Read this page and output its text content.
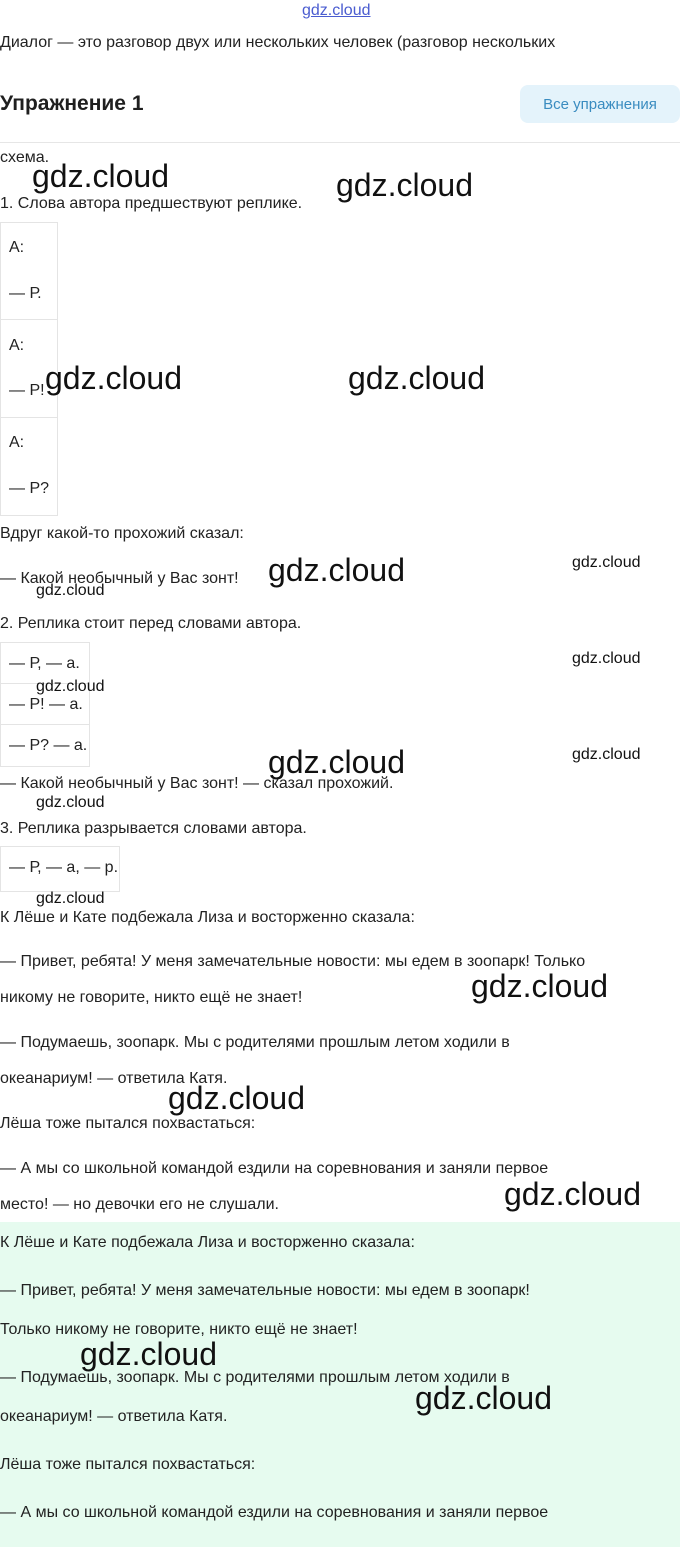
gdz.cloud
Диалог — это разговор двух или нескольких человек (разговор нескольких
Упражнение 1	Все упражнения
схема.
1. Слова автора предшествуют реплике.
А:
— Р.
А:
— Р!
А:
— Р?
Вдруг какой-то прохожий сказал:
— Какой необычный у Вас зонт!
2. Реплика стоит перед словами автора.
— Р, — а.
— Р! — а.
— Р? — а.
— Какой необычный у Вас зонт! — сказал прохожий.
3. Реплика разрывается словами автора.
— Р, — а, — р.
К Лёше и Кате подбежала Лиза и восторженно сказала:
— Привет, ребята! У меня замечательные новости: мы едем в зоопарк! Только
никому не говорите, никто ещё не знает!
— Подумаешь, зоопарк. Мы с родителями прошлым летом ходили в
океанариум! — ответила Катя.
Лёша тоже пытался похвастаться:
— А мы со школьной командой ездили на соревнования и заняли первое
место! — но девочки его не слушали.
К Лёше и Кате подбежала Лиза и восторженно сказала:
— Привет, ребята! У меня замечательные новости: мы едем в зоопарк!
Только никому не говорите, никто ещё не знает!
— Подумаешь, зоопарк. Мы с родителями прошлым летом ходили в
океанариум! — ответила Катя.
Лёша тоже пытался похвастаться:
— А мы со школьной командой ездили на соревнования и заняли первое
gdz.cloud	gdz.cloud
gdz.cloud	gdz.cloud
gdz.cloud
gdz.cloud
gdz.cloud
gdz.cloud
gdz.cloud
gdz.cloud
gdz.cloud
gdz.cloud
gdz.cloud
gdz.cloud
gdz.cloud
gdz.cloud
gdz.cloud
gdz.cloud
